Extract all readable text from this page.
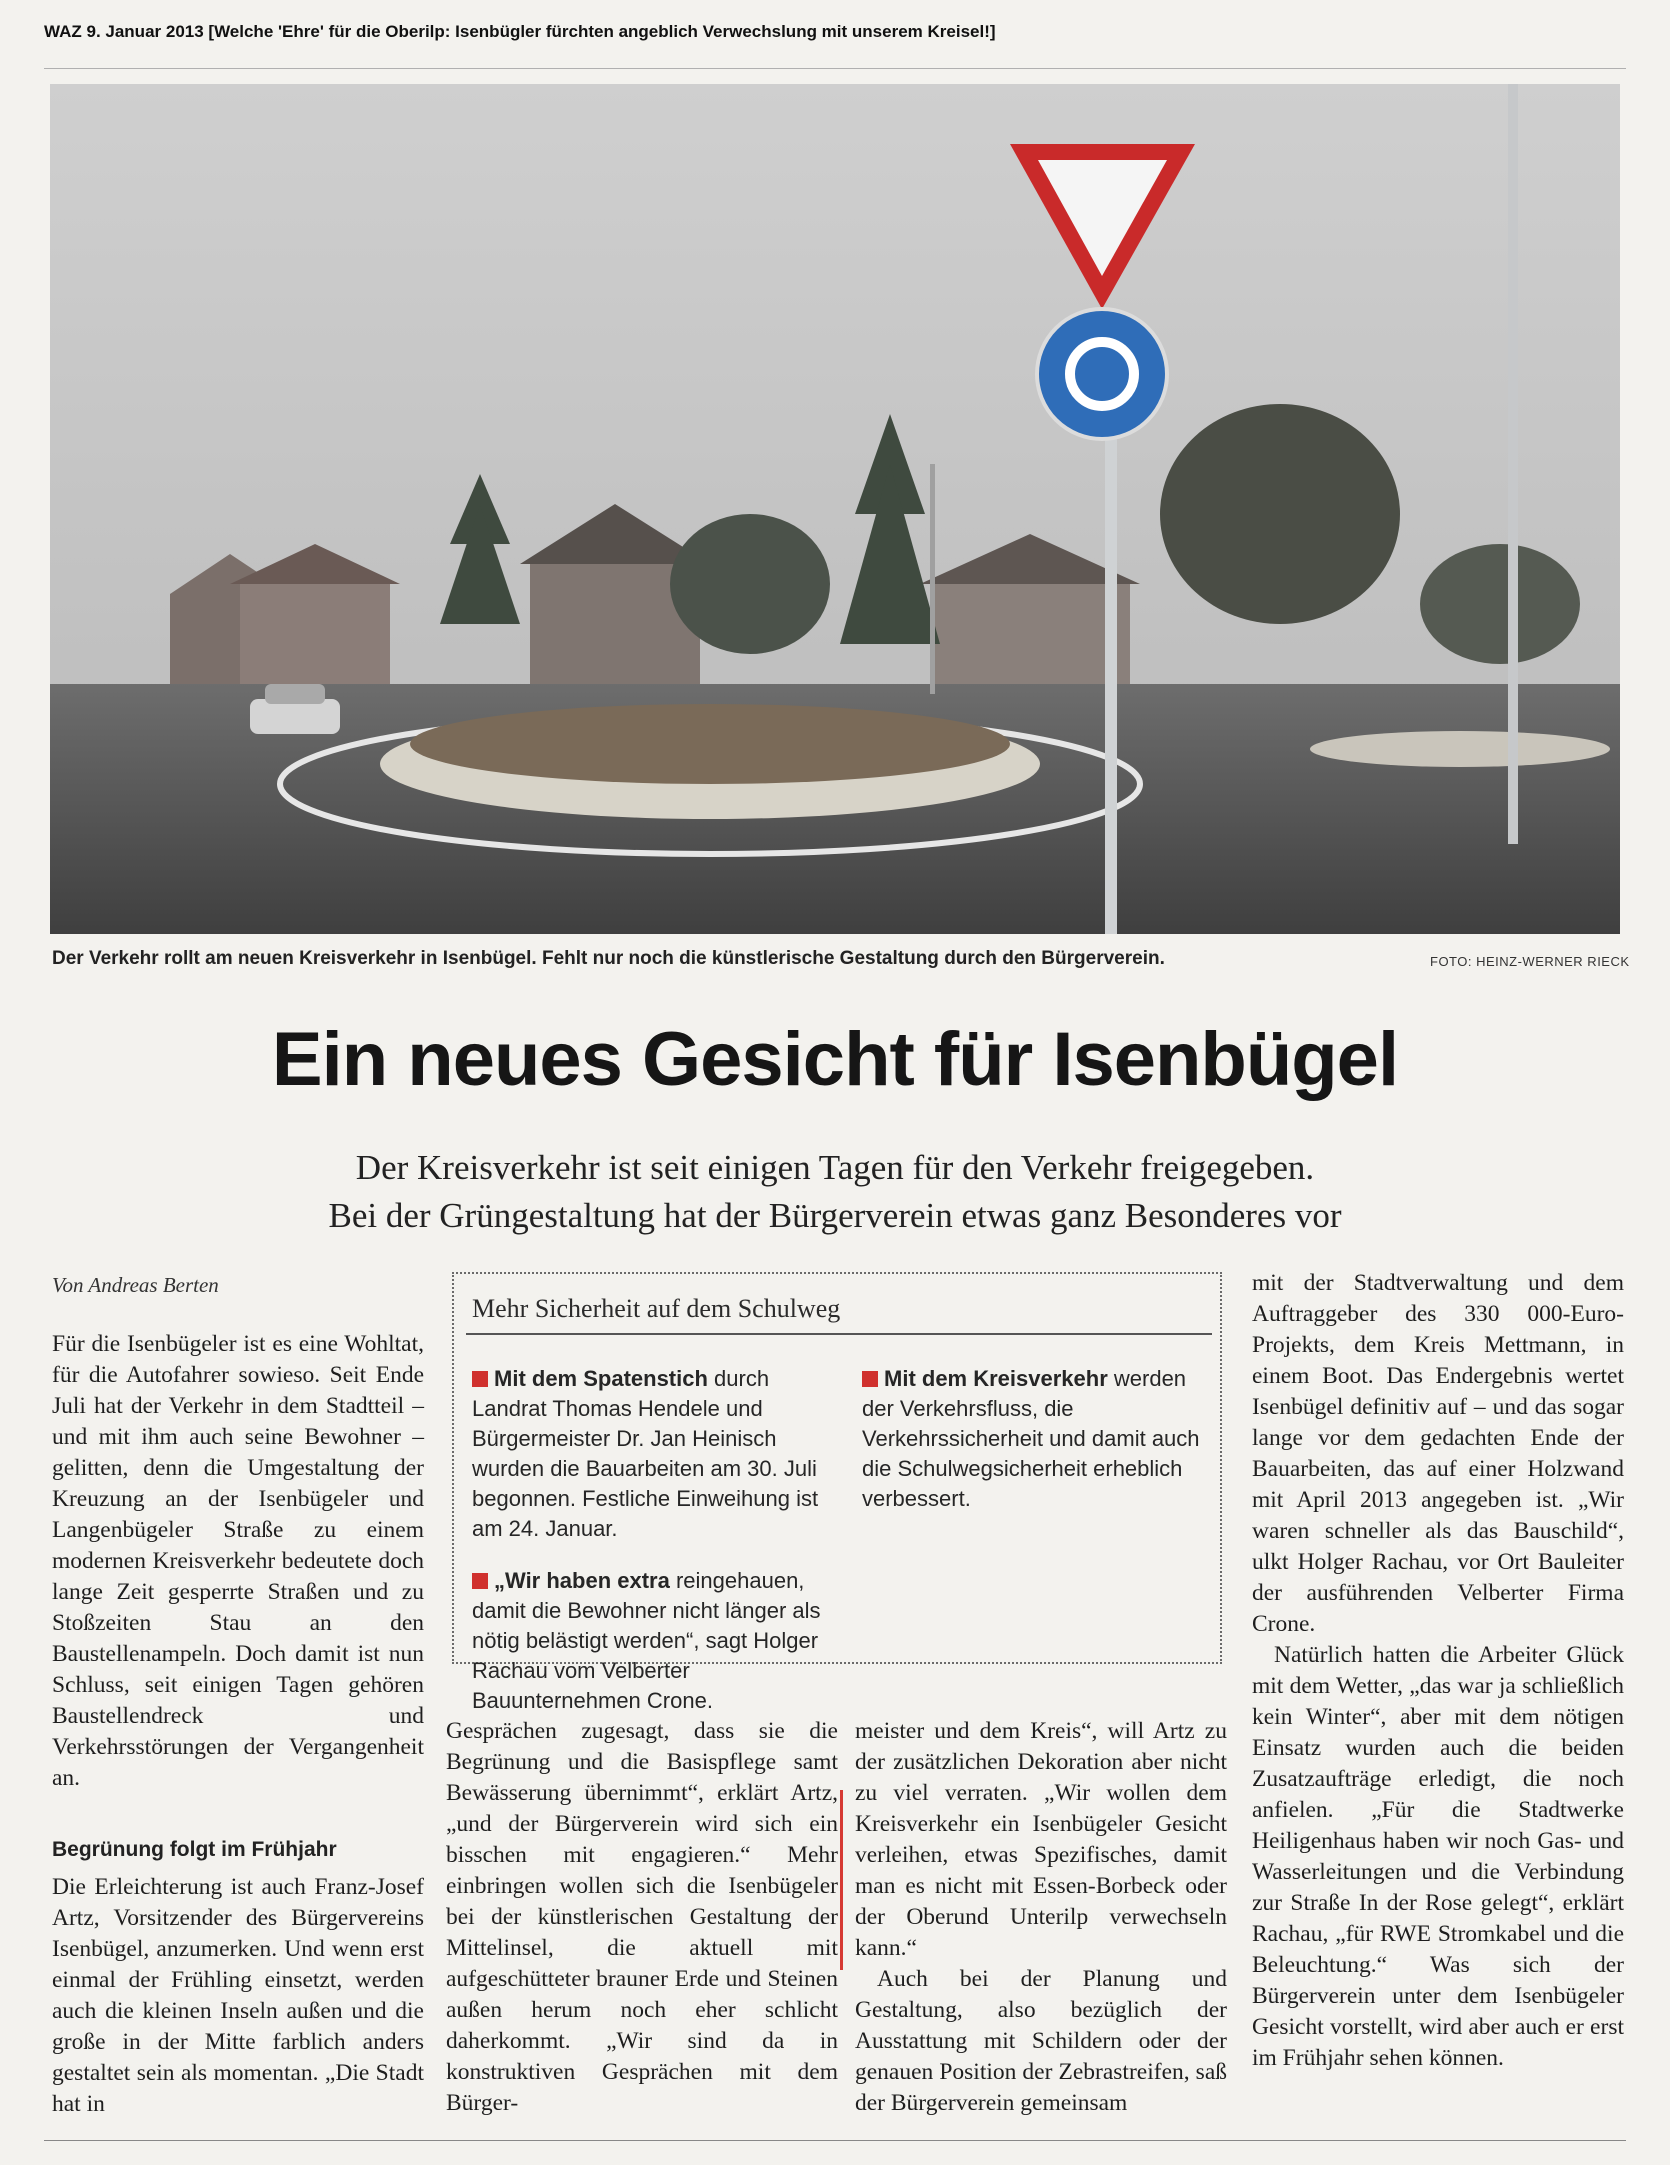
WAZ 9. Januar 2013 [Welche 'Ehre' für die Oberilp: Isenbügler fürchten angeblich Verwechslung mit unserem Kreisel!]
Der Verkehr rollt am neuen Kreisverkehr in Isenbügel. Fehlt nur noch die künstlerische Gestaltung durch den Bürgerverein.	FOTO: HEINZ-WERNER RIECK
Ein neues Gesicht für Isenbügel
Der Kreisverkehr ist seit einigen Tagen für den Verkehr freigegeben.
Bei der Grüngestaltung hat der Bürgerverein etwas ganz Besonderes vor
Von Andreas Berten

Für die Isenbügeler ist es eine Wohltat, für die Autofahrer sowieso. Seit Ende Juli hat der Verkehr in dem Stadtteil – und mit ihm auch seine Bewohner – gelitten, denn die Umgestaltung der Kreuzung an der Isenbügeler und Langenbügeler Straße zu einem modernen Kreisverkehr bedeutete doch lange Zeit gesperrte Straßen und zu Stoßzeiten Stau an den Baustellenampeln. Doch damit ist nun Schluss, seit einigen Tagen gehören Baustellendreck und Verkehrsstörungen der Vergangenheit an.

Begrünung folgt im Frühjahr

Die Erleichterung ist auch Franz-Josef Artz, Vorsitzender des Bürgervereins Isenbügel, anzumerken. Und wenn erst einmal der Frühling einsetzt, werden auch die kleinen Inseln außen und die große in der Mitte farblich anders gestaltet sein als momentan. „Die Stadt hat in

Mehr Sicherheit auf dem Schulweg

Mit dem Spatenstich durch Landrat Thomas Hendele und Bürgermeister Dr. Jan Heinisch wurden die Bauarbeiten am 30. Juli begonnen. Festliche Einweihung ist am 24. Januar.

„Wir haben extra reingehauen, damit die Bewohner nicht länger als nötig belästigt werden“, sagt Holger Rachau vom Velberter Bauunternehmen Crone.

Mit dem Kreisverkehr werden der Verkehrsfluss, die Verkehrssicherheit und damit auch die Schulwegsicherheit erheblich verbessert.

Gesprächen zugesagt, dass sie die Begrünung und die Basispflege samt Bewässerung übernimmt“, erklärt Artz, „und der Bürgerverein wird sich ein bisschen mit engagieren.“ Mehr einbringen wollen sich die Isenbügeler bei der künstlerischen Gestaltung der Mittelinsel, die aktuell mit aufgeschütteter brauner Erde und Steinen außen herum noch eher schlicht daherkommt. „Wir sind da in konstruktiven Gesprächen mit dem Bürger-

meister und dem Kreis“, will Artz zu der zusätzlichen Dekoration aber nicht zu viel verraten. „Wir wollen dem Kreisverkehr ein Isenbügeler Gesicht verleihen, etwas Spezifisches, damit man es nicht mit Essen-Borbeck oder der Oberund Unterilp verwechseln kann.“

Auch bei der Planung und Gestaltung, also bezüglich der Ausstattung mit Schildern oder der genauen Position der Zebrastreifen, saß der Bürgerverein gemeinsam

mit der Stadtverwaltung und dem Auftraggeber des 330 000-Euro-Projekts, dem Kreis Mettmann, in einem Boot. Das Endergebnis wertet Isenbügel definitiv auf – und das sogar lange vor dem gedachten Ende der Bauarbeiten, das auf einer Holzwand mit April 2013 angegeben ist. „Wir waren schneller als das Bauschild“, ulkt Holger Rachau, vor Ort Bauleiter der ausführenden Velberter Firma Crone.

Natürlich hatten die Arbeiter Glück mit dem Wetter, „das war ja schließlich kein Winter“, aber mit dem nötigen Einsatz wurden auch die beiden Zusatzaufträge erledigt, die noch anfielen. „Für die Stadtwerke Heiligenhaus haben wir noch Gas- und Wasserleitungen und die Verbindung zur Straße In der Rose gelegt“, erklärt Rachau, „für RWE Stromkabel und die Beleuchtung.“ Was sich der Bürgerverein unter dem Isenbügeler Gesicht vorstellt, wird aber auch er erst im Frühjahr sehen können.
